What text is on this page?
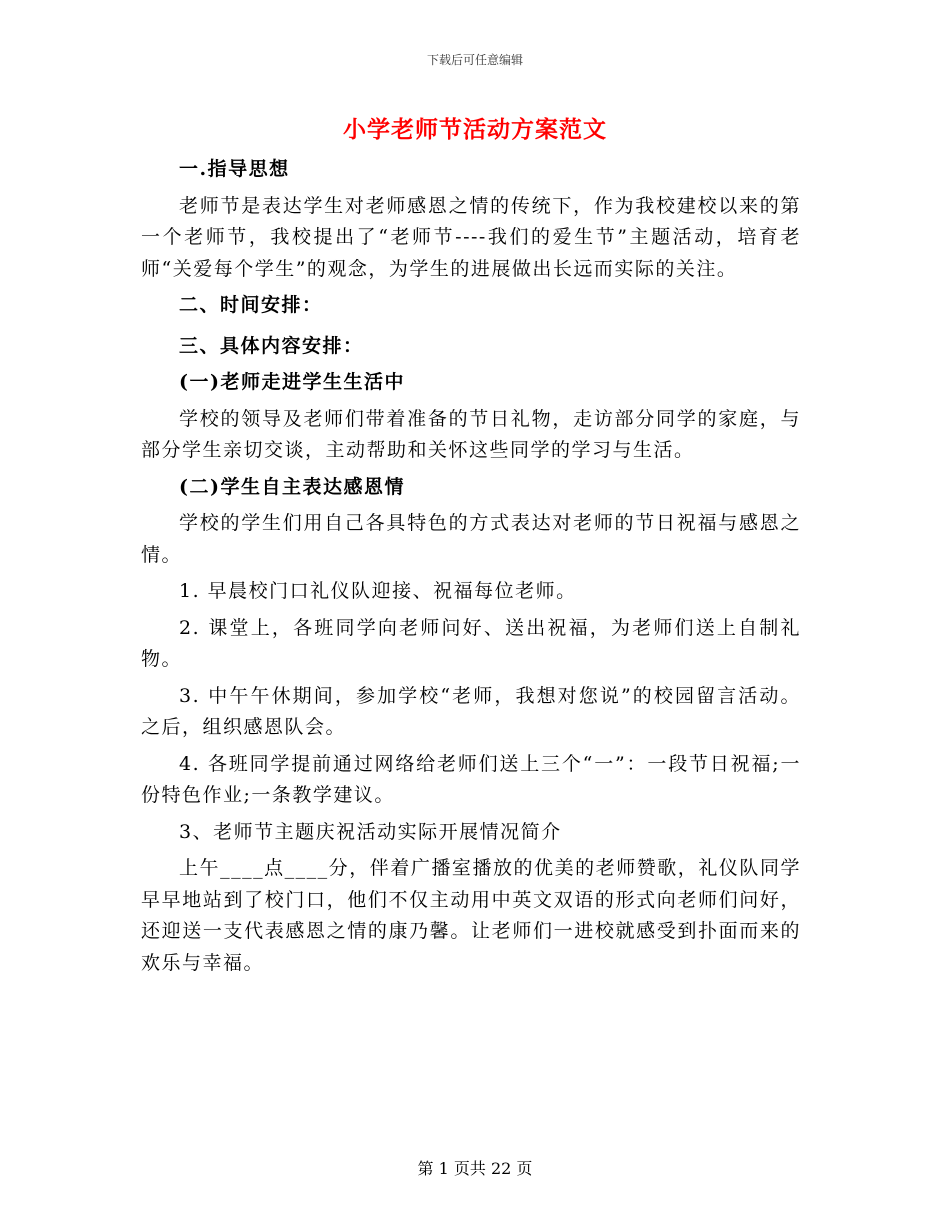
下载后可任意编辑
小学老师节活动方案范文

一.指导思想

老师节是表达学生对老师感恩之情的传统下，作为我校建校以来的第一个老师节，我校提出了“老师节----我们的爱生节”主题活动，培育老师“关爱每个学生”的观念，为学生的进展做出长远而实际的关注。

二、时间安排：

三、具体内容安排：

(一)老师走进学生生活中

学校的领导及老师们带着准备的节日礼物，走访部分同学的家庭，与部分学生亲切交谈，主动帮助和关怀这些同学的学习与生活。

(二)学生自主表达感恩情

学校的学生们用自己各具特色的方式表达对老师的节日祝福与感恩之情。

1. 早晨校门口礼仪队迎接、祝福每位老师。

2. 课堂上，各班同学向老师问好、送出祝福，为老师们送上自制礼物。

3. 中午午休期间，参加学校“老师，我想对您说”的校园留言活动。之后，组织感恩队会。

4. 各班同学提前通过网络给老师们送上三个“一”：一段节日祝福;一份特色作业;一条教学建议。

3、老师节主题庆祝活动实际开展情况简介

上午____点____分，伴着广播室播放的优美的老师赞歌，礼仪队同学早早地站到了校门口，他们不仅主动用中英文双语的形式向老师们问好，还迎送一支代表感恩之情的康乃馨。让老师们一进校就感受到扑面而来的欢乐与幸福。

第 1 页共 22 页
